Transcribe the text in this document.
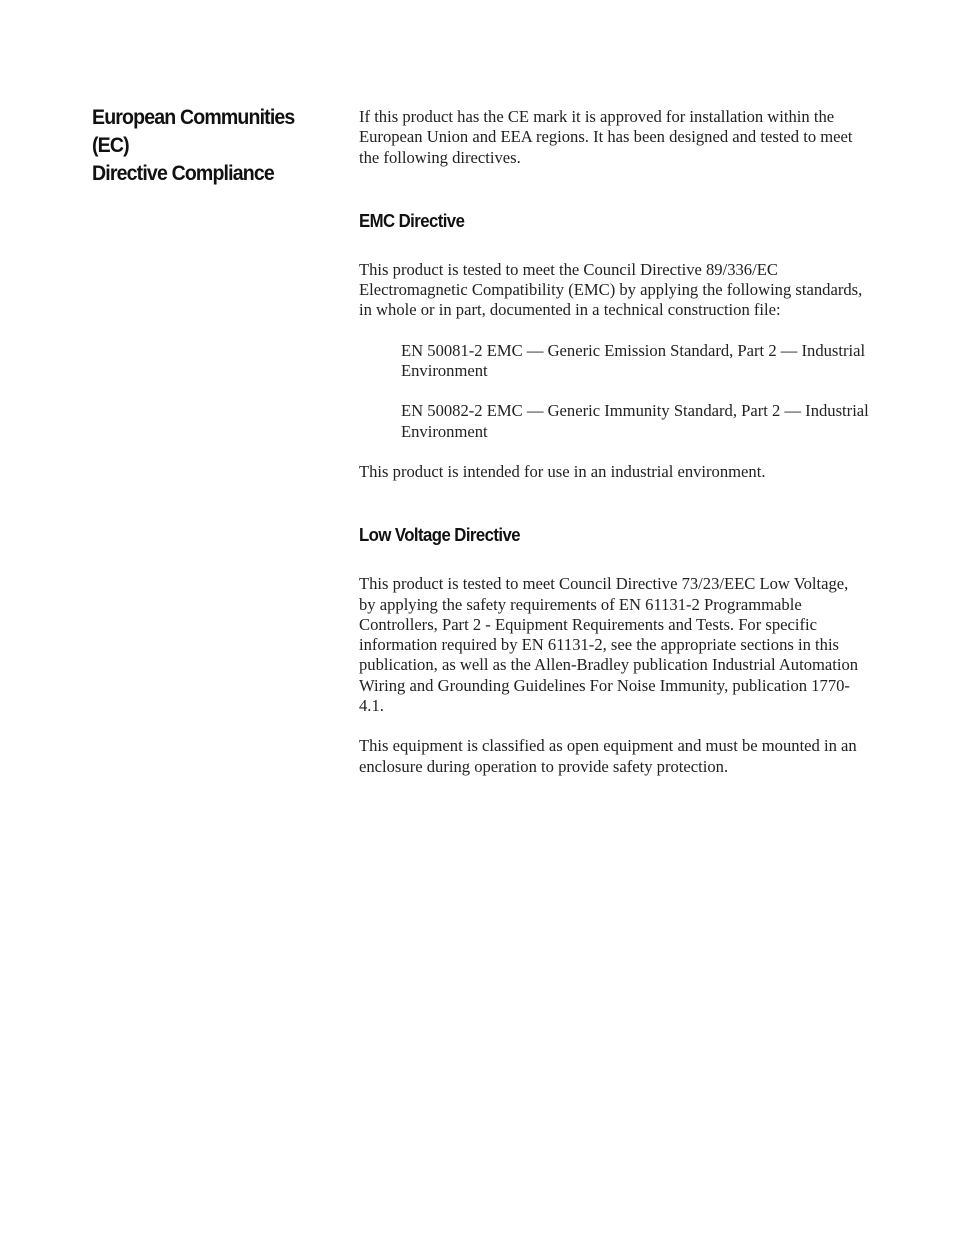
European Communities (EC)
Directive Compliance

If this product has the CE mark it is approved for installation within the European Union and EEA regions. It has been designed and tested to meet the following directives.

EMC Directive

This product is tested to meet the Council Directive 89/336/EC Electromagnetic Compatibility (EMC) by applying the following standards, in whole or in part, documented in a technical construction file:

EN 50081-2 EMC — Generic Emission Standard, Part 2 — Industrial Environment

EN 50082-2 EMC — Generic Immunity Standard, Part 2 — Industrial Environment

This product is intended for use in an industrial environment.

Low Voltage Directive

This product is tested to meet Council Directive 73/23/EEC Low Voltage, by applying the safety requirements of EN 61131-2 Programmable Controllers, Part 2 - Equipment Requirements and Tests. For specific information required by EN 61131-2, see the appropriate sections in this publication, as well as the Allen-Bradley publication Industrial Automation Wiring and Grounding Guidelines For Noise Immunity, publication 1770-4.1.

This equipment is classified as open equipment and must be mounted in an enclosure during operation to provide safety protection.
